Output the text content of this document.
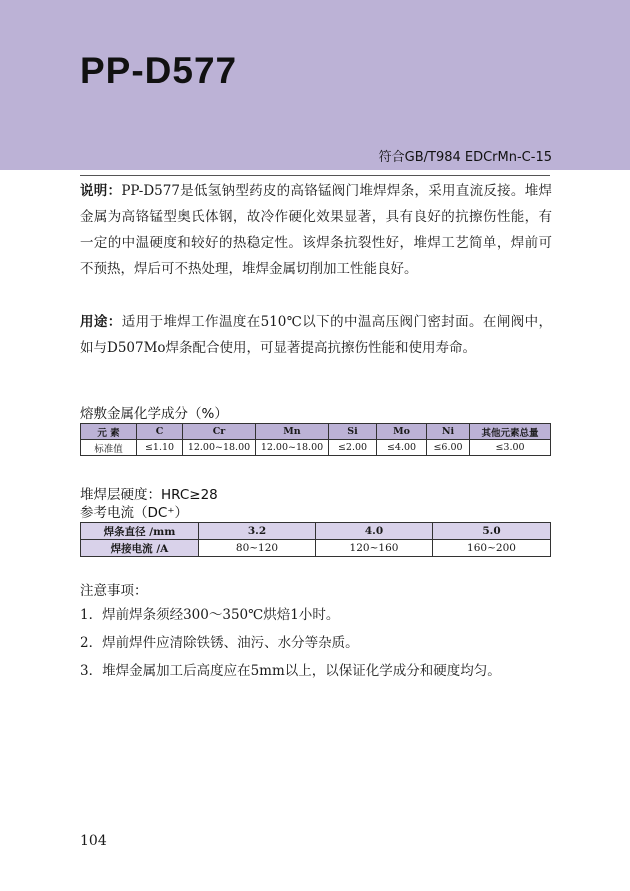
PP-D577
符合GB/T984 EDCrMn-C-15
说明：PP-D577是低氢钠型药皮的高铬锰阀门堆焊焊条，采用直流反接。堆焊金属为高铬锰型奥氏体钢，故冷作硬化效果显著，具有良好的抗擦伤性能，有一定的中温硬度和较好的热稳定性。该焊条抗裂性好，堆焊工艺简单，焊前可不预热，焊后可不热处理，堆焊金属切削加工性能良好。
用途：适用于堆焊工作温度在510℃以下的中温高压阀门密封面。在闸阀中，如与D507Mo焊条配合使用，可显著提高抗擦伤性能和使用寿命。
熔敷金属化学成分（%）
元 素	C	Cr	Mn	Si	Mo	Ni	其他元素总量
标准值	≤1.10	12.00~18.00	12.00~18.00	≤2.00	≤4.00	≤6.00	≤3.00
堆焊层硬度：HRC≥28
参考电流（DC⁺）
焊条直径 /mm	3.2	4.0	5.0
焊接电流 /A	80~120	120~160	160~200
注意事项：
1．焊前焊条须经300～350℃烘焙1小时。
2．焊前焊件应清除铁锈、油污、水分等杂质。
3．堆焊金属加工后高度应在5mm以上，以保证化学成分和硬度均匀。
104
